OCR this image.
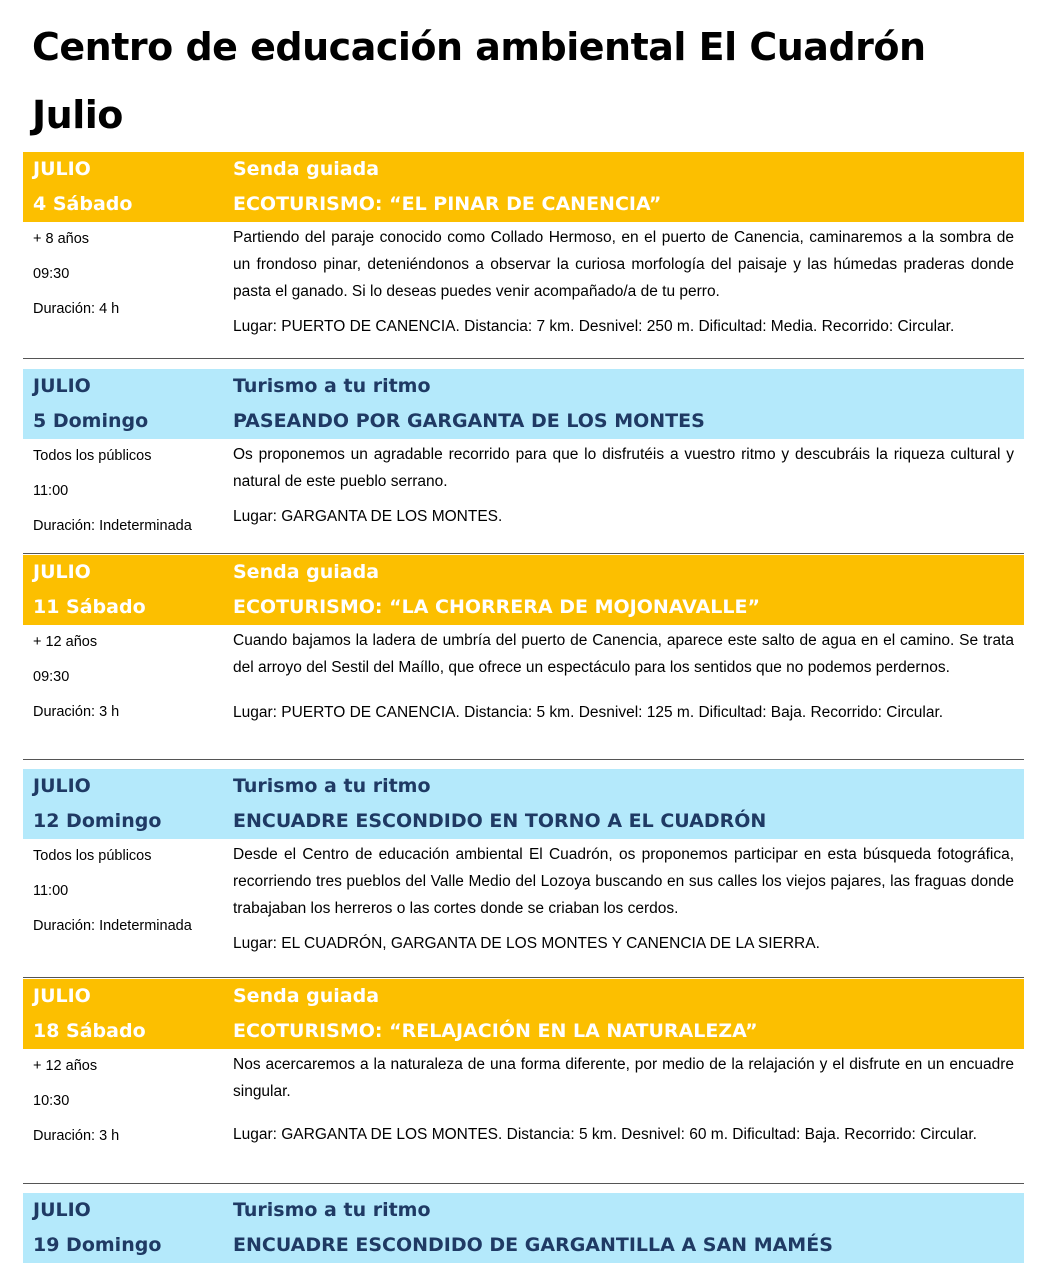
Centro de educación ambiental El Cuadrón
Julio
JULIO
4 Sábado
Senda guiada
ECOTURISMO: “EL PINAR DE CANENCIA”
+ 8 años
09:30
Duración: 4 h

Partiendo del paraje conocido como Collado Hermoso, en el puerto de Canencia, caminaremos a la sombra de un frondoso pinar, deteniéndonos a observar la curiosa morfología del paisaje y las húmedas praderas donde pasta el ganado. Si lo deseas puedes venir acompañado/a de tu perro.

Lugar: PUERTO DE CANENCIA. Distancia: 7 km. Desnivel: 250 m. Dificultad: Media. Recorrido: Circular.

JULIO
5 Domingo
Turismo a tu ritmo
PASEANDO POR GARGANTA DE LOS MONTES
Todos los públicos
11:00
Duración: Indeterminada

Os proponemos un agradable recorrido para que lo disfrutéis a vuestro ritmo y descubráis la riqueza cultural y natural de este pueblo serrano.

Lugar: GARGANTA DE LOS MONTES.

JULIO
11 Sábado
Senda guiada
ECOTURISMO: “LA CHORRERA DE MOJONAVALLE”
+ 12 años
09:30
Duración: 3 h

Cuando bajamos la ladera de umbría del puerto de Canencia, aparece este salto de agua en el camino. Se trata del arroyo del Sestil del Maíllo, que ofrece un espectáculo para los sentidos que no podemos perdernos.

Lugar: PUERTO DE CANENCIA. Distancia: 5 km. Desnivel: 125 m. Dificultad: Baja. Recorrido: Circular.

JULIO
12 Domingo
Turismo a tu ritmo
ENCUADRE ESCONDIDO EN TORNO A EL CUADRÓN
Todos los públicos
11:00
Duración: Indeterminada

Desde el Centro de educación ambiental El Cuadrón, os proponemos participar en esta búsqueda fotográfica, recorriendo tres pueblos del Valle Medio del Lozoya buscando en sus calles los viejos pajares, las fraguas donde trabajaban los herreros o las cortes donde se criaban los cerdos.

Lugar: EL CUADRÓN, GARGANTA DE LOS MONTES Y CANENCIA DE LA SIERRA.

JULIO
18 Sábado
Senda guiada
ECOTURISMO: “RELAJACIÓN EN LA NATURALEZA”
+ 12 años
10:30
Duración: 3 h

Nos acercaremos a la naturaleza de una forma diferente, por medio de la relajación y el disfrute en un encuadre singular.

Lugar: GARGANTA DE LOS MONTES. Distancia: 5 km. Desnivel: 60 m. Dificultad: Baja. Recorrido: Circular.

JULIO
19 Domingo
Turismo a tu ritmo
ENCUADRE ESCONDIDO DE GARGANTILLA A SAN MAMÉS
